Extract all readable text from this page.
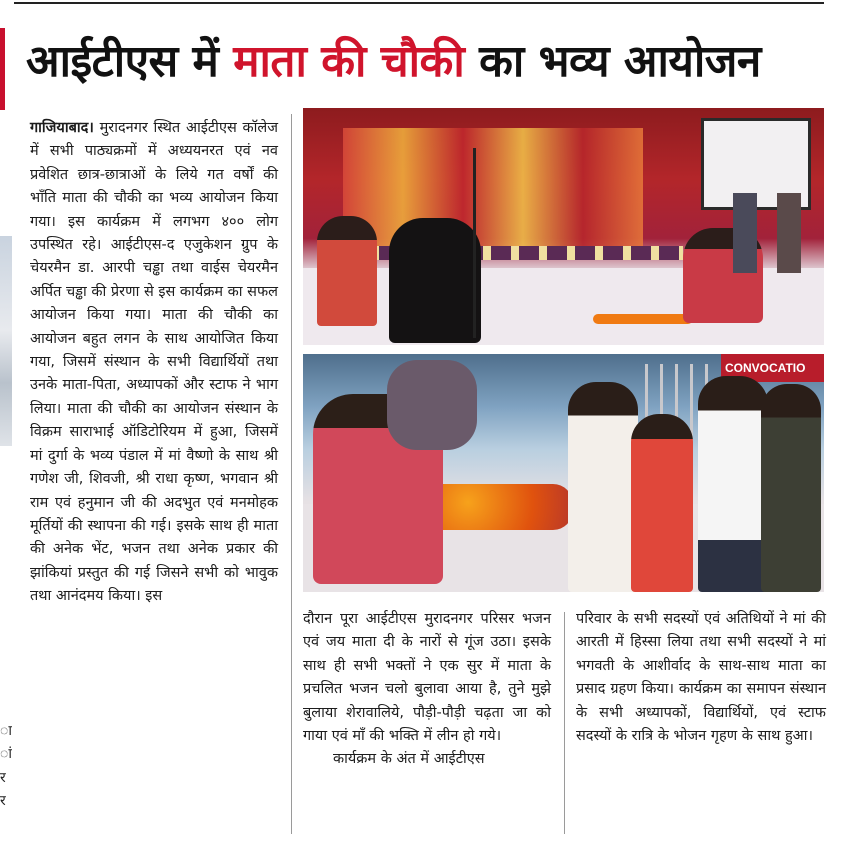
ा
ां
र
र
आईटीएस में माता की चौकी का भव्य आयोजन
गाजियाबाद। मुरादनगर स्थित आईटीएस कॉलेज में सभी पाठ्यक्रमों में अध्ययनरत एवं नव प्रवेशित छात्र-छात्राओं के लिये गत वर्षों की भाँति माता की चौकी का भव्य आयोजन किया गया। इस कार्यक्रम में लगभग ४०० लोग उपस्थित रहे। आईटीएस-द एजुकेशन ग्रुप के चेयरमैन डा. आरपी चड्ढा तथा वाईस चेयरमैन अर्पित चड्ढा की प्रेरणा से इस कार्यक्रम का सफल आयोजन किया गया। माता की चौकी का आयोजन बहुत लगन के साथ आयोजित किया गया, जिसमें संस्थान के सभी विद्यार्थियों तथा उनके माता-पिता, अध्यापकों और स्टाफ ने भाग लिया। माता की चौकी का आयोजन संस्थान के विक्रम साराभाई ऑडिटोरियम में हुआ, जिसमें मां दुर्गा के भव्य पंडाल में मां वैष्णो के साथ श्री गणेश जी, शिवजी, श्री राधा कृष्ण, भगवान श्री राम एवं हनुमान जी की अदभुत एवं मनमोहक मूर्तियों की स्थापना की गई। इसके साथ ही माता की अनेक भेंट, भजन तथा अनेक प्रकार की झांकियां प्रस्तुत की गई जिसने सभी को भावुक तथा आनंदमय किया। इस
CONVOCATIO
दौरान पूरा आईटीएस मुरादनगर परिसर भजन एवं जय माता दी के नारों से गूंज उठा। इसके साथ ही सभी भक्तों ने एक सुर में माता के प्रचलित भजन चलो बुलावा आया है, तुने मुझे बुलाया शेरावालिये, पौड़ी-पौड़ी चढ़ता जा को गाया एवं माँ की भक्ति में लीन हो गये।
कार्यक्रम के अंत में आईटीएस
परिवार के सभी सदस्यों एवं अतिथियों ने मां की आरती में हिस्सा लिया तथा सभी सदस्यों ने मां भगवती के आशीर्वाद के साथ-साथ माता का प्रसाद ग्रहण किया। कार्यक्रम का समापन संस्थान के सभी अध्यापकों, विद्यार्थियों, एवं स्टाफ सदस्यों के रात्रि के भोजन गृहण के साथ हुआ।
